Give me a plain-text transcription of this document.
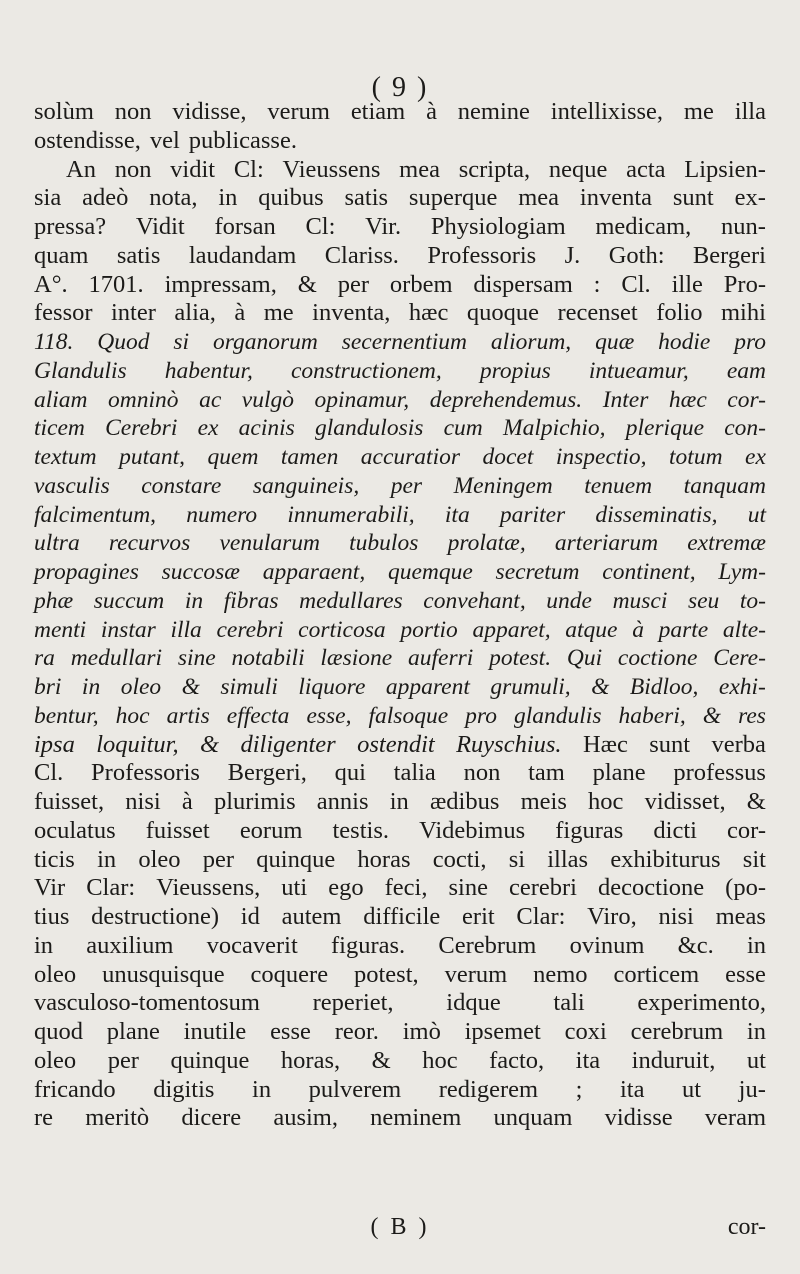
( 9 )
solùm non vidisse, verum etiam à nemine intellixisse, me illa
ostendisse, vel publicasse.
An non vidit Cl: Vieussens mea scripta, neque acta Lipsien-
sia adeò nota, in quibus satis superque mea inventa sunt ex-
pressa? Vidit forsan Cl: Vir. Physiologiam medicam, nun-
quam satis laudandam Clariss. Professoris J. Goth: Bergeri
A°. 1701. impressam, & per orbem dispersam : Cl. ille Pro-
fessor inter alia, à me inventa, hæc quoque recenset folio mihi
118. Quod si organorum secernentium aliorum, quæ hodie pro
Glandulis habentur, constructionem, propius intueamur, eam
aliam omninò ac vulgò opinamur, deprehendemus. Inter hæc cor-
ticem Cerebri ex acinis glandulosis cum Malpichio, plerique con-
textum putant, quem tamen accuratior docet inspectio, totum ex
vasculis constare sanguineis, per Meningem tenuem tanquam
falcimentum, numero innumerabili, ita pariter disseminatis, ut
ultra recurvos venularum tubulos prolatæ, arteriarum extremæ
propagines succosæ apparaent, quemque secretum continent, Lym-
phæ succum in fibras medullares convehant, unde musci seu to-
menti instar illa cerebri corticosa portio apparet, atque à parte alte-
ra medullari sine notabili læsione auferri potest. Qui coctione Cere-
bri in oleo & simuli liquore apparent grumuli, & Bidloo, exhi-
bentur, hoc artis effecta esse, falsoque pro glandulis haberi, & res
ipsa loquitur, & diligenter ostendit Ruyschius. Hæc sunt verba
Cl. Professoris Bergeri, qui talia non tam plane professus
fuisset, nisi à plurimis annis in ædibus meis hoc vidisset, &
oculatus fuisset eorum testis. Videbimus figuras dicti cor-
ticis in oleo per quinque horas cocti, si illas exhibiturus sit
Vir Clar: Vieussens, uti ego feci, sine cerebri decoctione (po-
tius destructione) id autem difficile erit Clar: Viro, nisi meas
in auxilium vocaverit figuras. Cerebrum ovinum &c. in
oleo unusquisque coquere potest, verum nemo corticem esse
vasculoso-tomentosum reperiet, idque tali experimento,
quod plane inutile esse reor. imò ipsemet coxi cerebrum in
oleo per quinque horas, & hoc facto, ita induruit, ut
fricando digitis in pulverem redigerem ; ita ut ju-
re meritò dicere ausim, neminem unquam vidisse veram
( B )	cor-
